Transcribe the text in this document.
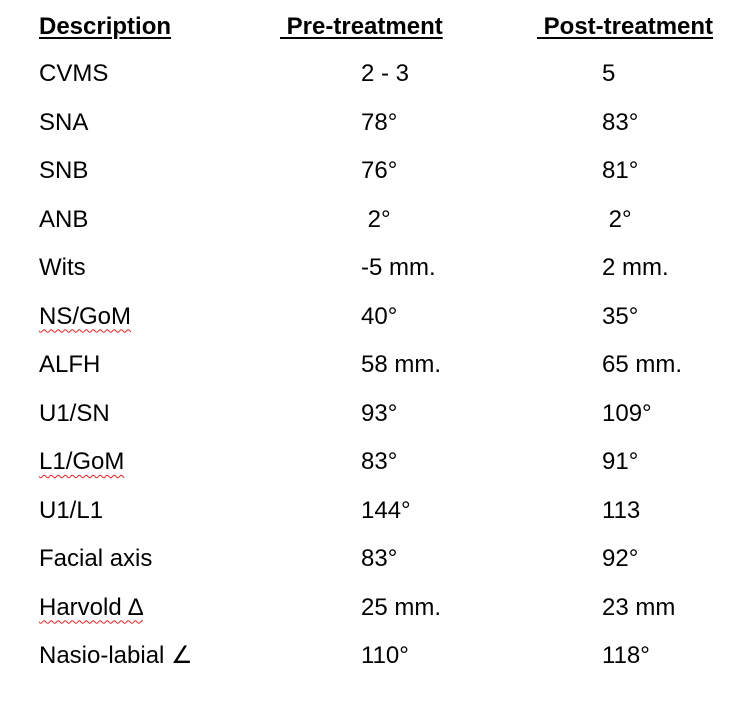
Description	Pre-treatment	Post-treatment
CVMS	2 - 3	5
SNA	78°	83°
SNB	76°	81°
ANB	2°	2°
Wits	-5 mm.	2 mm.
NS/GoM	40°	35°
ALFH	58 mm.	65 mm.
U1/SN	93°	109°
L1/GoM	83°	91°
U1/L1	144°	113
Facial axis	83°	92°
Harvold ∆	25 mm.	23 mm
Nasio-labial ∠	110°	118°
